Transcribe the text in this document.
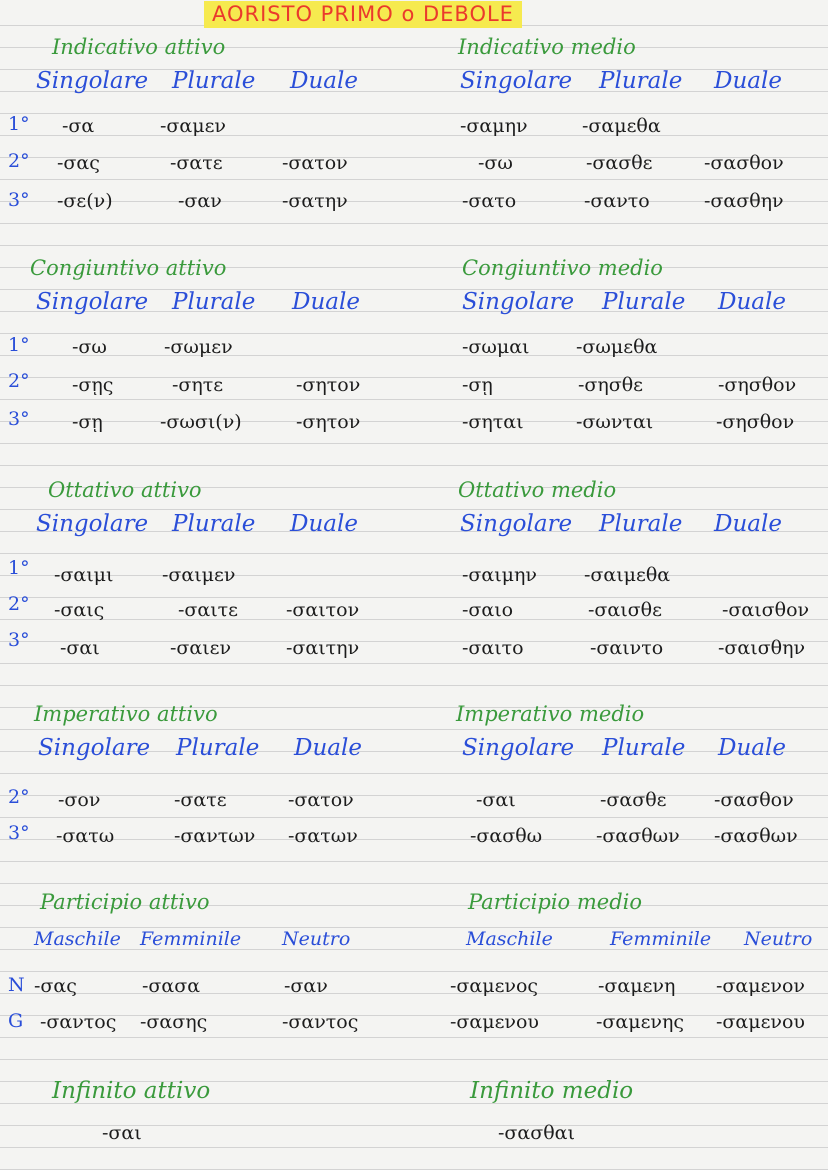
AORISTO PRIMO o DEBOLE
Indicativo attivo
Singolare Plurale Duale
1°
2°
3°
-σα	-σαμεν
-σας	-σατε	-σατον
-σε(ν)	-σαν	-σατην
Indicativo medio
Singolare Plurale Duale
-σαμην	-σαμεθα
-σω	-σασθε	-σασθον
-σατο	-σαντο	-σασθην
Congiuntivo attivo
Singolare Plurale Duale
1°
2°
3°
-σω	-σωμεν
-σῃς	-σητε	-σητον
-σῃ	-σωσι(ν)	-σητον
Congiuntivo medio
Singolare Plurale Duale
-σωμαι -σωμεθα
-σῃ	-σησθε	-σησθον
-σηται	-σωνται	-σησθον
Ottativo attivo
Singolare Plurale Duale
1°
2°
3°
-σαιμι	-σαιμεν
-σαις	-σαιτε	-σαιτον
-σαι	-σαιεν	-σαιτην
Ottativo medio
Singolare Plurale Duale
-σαιμην -σαιμεθα
-σαιο	-σαισθε	-σαισθον
-σαιτο	-σαιντο	-σαισθην
Imperativo attivo
Singolare Plurale Duale
2°
3°
-σον	-σατε	-σατον
-σατω	-σαντων -σατων
Imperativo medio
Singolare Plurale Duale
-σαι	-σασθε	-σασθον
-σασθω	-σασθων -σασθων
Participio attivo
Maschile Femminile Neutro
N
G
-σας	-σασα	-σαν
-σαντος -σασης	-σαντος
Participio medio
Maschile	Femminile Neutro
-σαμενος	-σαμενη -σαμενον
-σαμενου	-σαμενης -σαμενου
Infinito attivo
-σαι
Infinito medio
-σασθαι
